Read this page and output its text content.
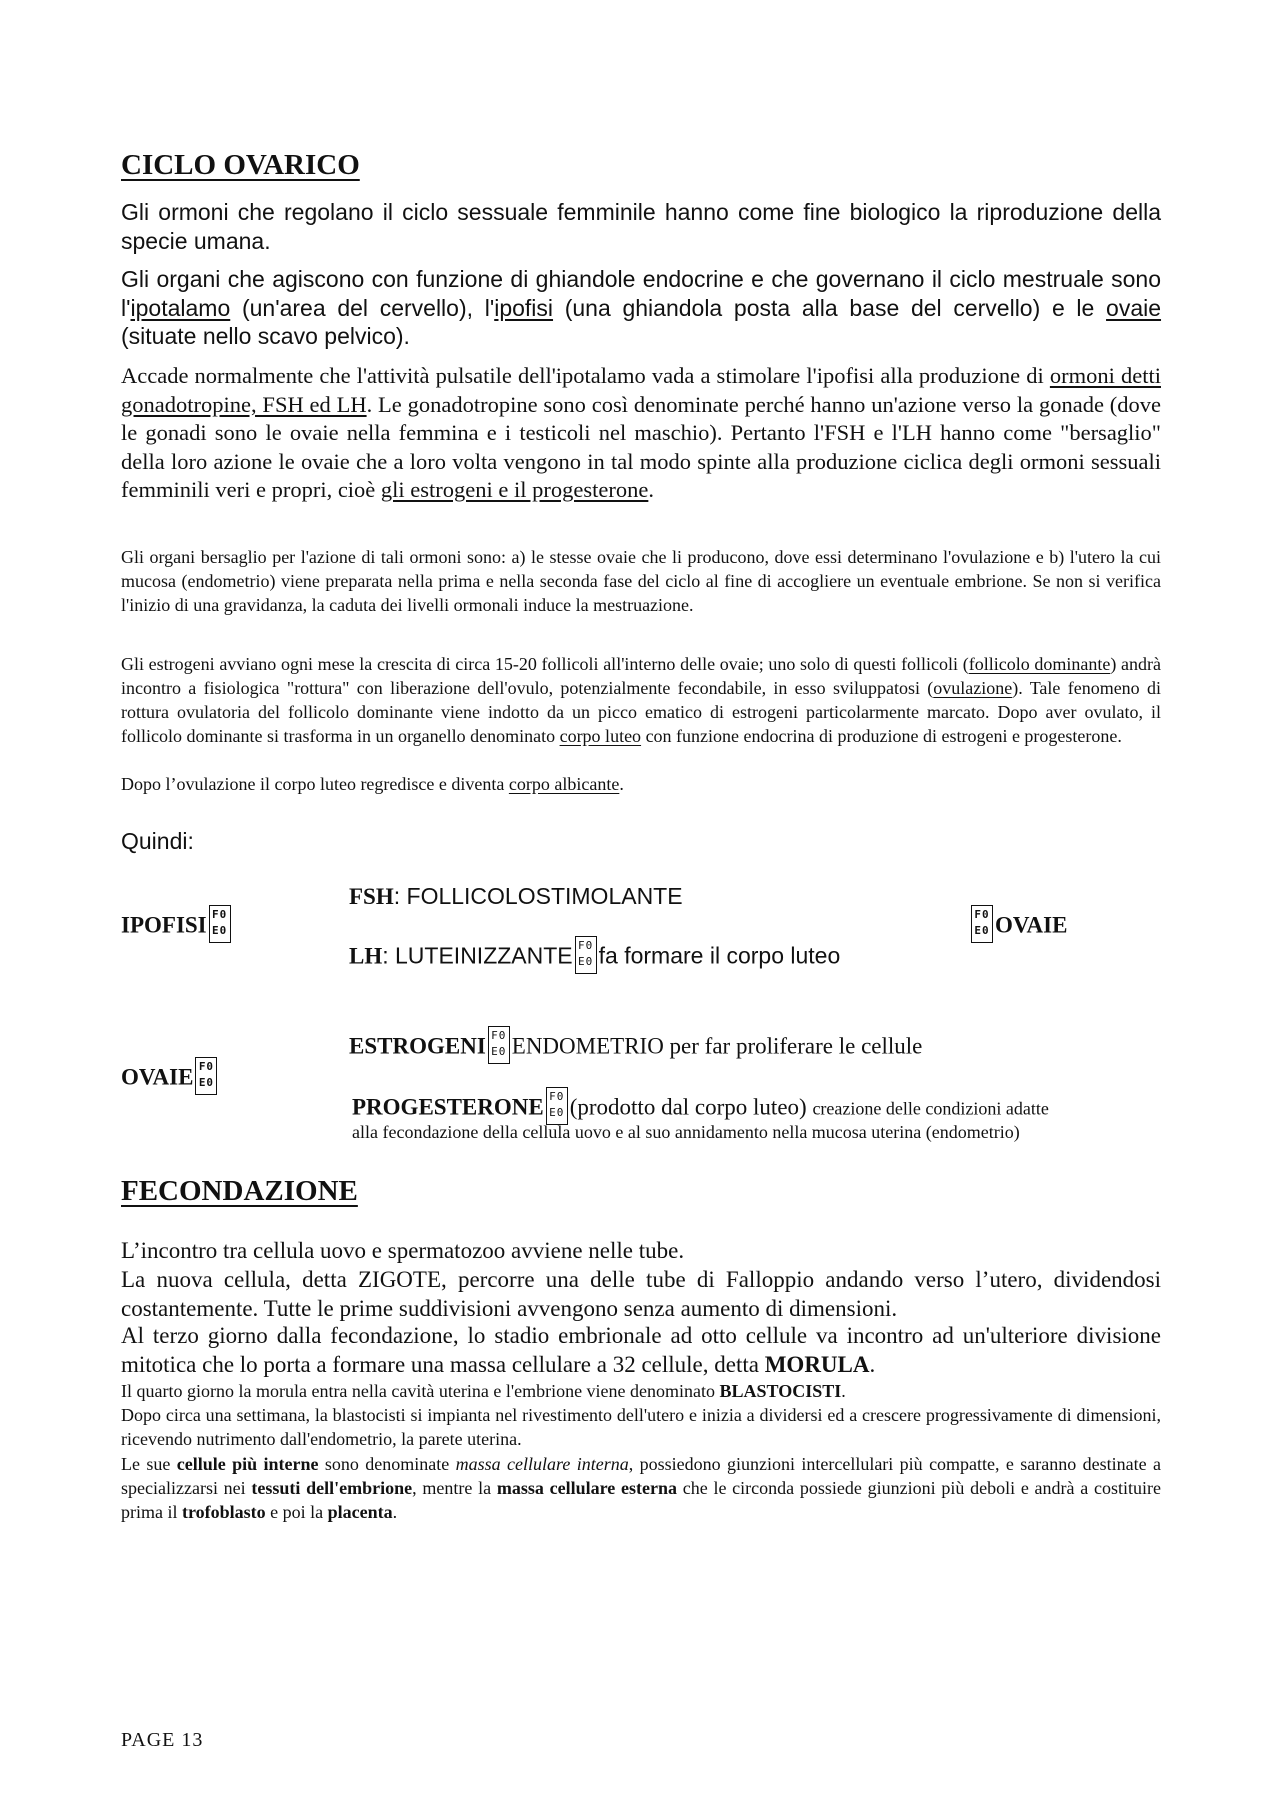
CICLO OVARICO

Gli ormoni che regolano il ciclo sessuale femminile hanno come fine biologico la riproduzione della specie umana.

Gli organi che agiscono con funzione di ghiandole endocrine e che governano il ciclo mestruale sono l'ipotalamo (un'area del cervello), l'ipofisi (una ghiandola posta alla base del cervello) e le ovaie (situate nello scavo pelvico).

Accade normalmente che l'attività pulsatile dell'ipotalamo vada a stimolare l'ipofisi alla produzione di ormoni detti gonadotropine, FSH ed LH. Le gonadotropine sono così denominate perché hanno un'azione verso la gonade (dove le gonadi sono le ovaie nella femmina e i testicoli nel maschio). Pertanto l'FSH e l'LH hanno come "bersaglio" della loro azione le ovaie che a loro volta vengono in tal modo spinte alla produzione ciclica degli ormoni sessuali femminili veri e propri, cioè gli estrogeni e il progesterone.

Gli organi bersaglio per l'azione di tali ormoni sono: a) le stesse ovaie che li producono, dove essi determinano l'ovulazione e b) l'utero la cui mucosa (endometrio) viene preparata nella prima e nella seconda fase del ciclo al fine di accogliere un eventuale embrione. Se non si verifica l'inizio di una gravidanza, la caduta dei livelli ormonali induce la mestruazione.

Gli estrogeni avviano ogni mese la crescita di circa 15-20 follicoli all'interno delle ovaie; uno solo di questi follicoli (follicolo dominante) andrà incontro a fisiologica "rottura" con liberazione dell'ovulo, potenzialmente fecondabile, in esso sviluppatosi (ovulazione). Tale fenomeno di rottura ovulatoria del follicolo dominante viene indotto da un picco ematico di estrogeni particolarmente marcato. Dopo aver ovulato, il follicolo dominante si trasforma in un organello denominato corpo luteo con funzione endocrina di produzione di estrogeni e progesterone.

Dopo l’ovulazione il corpo luteo regredisce e diventa corpo albicante.

Quindi:
IPOFISI F0
E0
FSH: FOLLICOLOSTIMOLANTE
LH: LUTEINIZZANTE F0
E0 fa formare il corpo luteo
F0
E0 OVAIE
OVAIE F0
E0
ESTROGENI F0
E0 ENDOMETRIO per far proliferare le cellule
PROGESTERONE F0
E0 (prodotto dal corpo luteo) creazione delle condizioni adatte
alla fecondazione della cellula uovo e al suo annidamento nella mucosa uterina (endometrio)
FECONDAZIONE

L’incontro tra cellula uovo e spermatozoo avviene nelle tube.

La nuova cellula, detta ZIGOTE, percorre una delle tube di Falloppio andando verso l’utero, dividendosi costantemente. Tutte le prime suddivisioni avvengono senza aumento di dimensioni.

Al terzo giorno dalla fecondazione, lo stadio embrionale ad otto cellule va incontro ad un'ulteriore divisione mitotica che lo porta a formare una massa cellulare a 32 cellule, detta MORULA.

Il quarto giorno la morula entra nella cavità uterina e l'embrione viene denominato BLASTOCISTI.

Dopo circa una settimana, la blastocisti si impianta nel rivestimento dell'utero e inizia a dividersi ed a crescere progressivamente di dimensioni, ricevendo nutrimento dall'endometrio, la parete uterina.

Le sue cellule più interne sono denominate massa cellulare interna, possiedono giunzioni intercellulari più compatte, e saranno destinate a specializzarsi nei tessuti dell'embrione, mentre la massa cellulare esterna che le circonda possiede giunzioni più deboli e andrà a costituire prima il trofoblasto e poi la placenta.

PAGE 13
